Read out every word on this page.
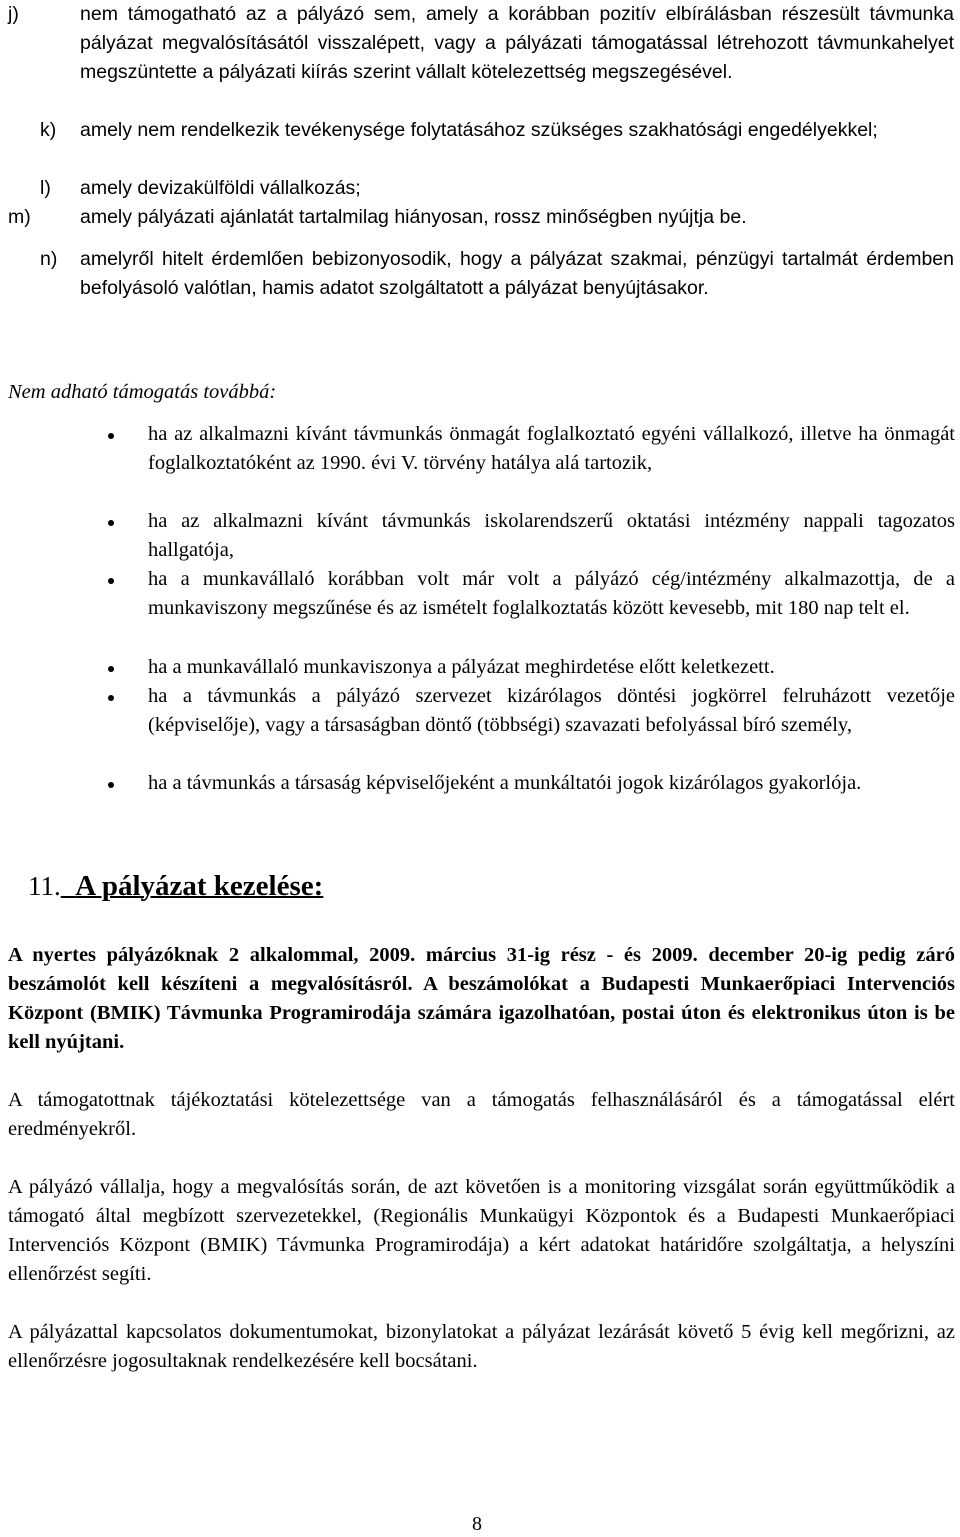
j)	nem támogatható az a pályázó sem, amely a korábban pozitív elbírálásban részesült távmunka pályázat megvalósításától visszalépett, vagy a pályázati támogatással létrehozott távmunkahelyet megszüntette a pályázati kiírás szerint vállalt kötelezettség megszegésével.
k) amely nem rendelkezik tevékenysége folytatásához szükséges szakhatósági engedélyekkel;
l) amely devizakülföldi vállalkozás;
m)	amely pályázati ajánlatát tartalmilag hiányosan, rossz minőségben nyújtja be.
n) amelyről hitelt érdemlően bebizonyosodik, hogy a pályázat szakmai, pénzügyi tartalmát érdemben befolyásoló valótlan, hamis adatot szolgáltatott a pályázat benyújtásakor.
Nem adható támogatás továbbá:
ha az alkalmazni kívánt távmunkás önmagát foglalkoztató egyéni vállalkozó, illetve ha önmagát foglalkoztatóként az 1990. évi V. törvény hatálya alá tartozik,
ha az alkalmazni kívánt távmunkás iskolarendszerű oktatási intézmény nappali tagozatos hallgatója,
ha a munkavállaló korábban volt már volt a pályázó cég/intézmény alkalmazottja, de a munkaviszony megszűnése és az ismételt foglalkoztatás között kevesebb, mit 180 nap telt el.
ha a munkavállaló munkaviszonya a pályázat meghirdetése előtt keletkezett.
ha a távmunkás a pályázó szervezet kizárólagos döntési jogkörrel felruházott vezetője (képviselője), vagy a társaságban döntő (többségi) szavazati befolyással bíró személy,
ha a távmunkás a társaság képviselőjeként a munkáltatói jogok kizárólagos gyakorlója.
11. A pályázat kezelése:
A nyertes pályázóknak 2 alkalommal, 2009. március 31-ig rész - és 2009. december 20-ig pedig záró beszámolót kell készíteni a megvalósításról. A beszámolókat a Budapesti Munkaerőpiaci Intervenciós Központ (BMIK) Távmunka Programirodája számára igazolhatóan, postai úton és elektronikus úton is be kell nyújtani.
A támogatottnak tájékoztatási kötelezettsége van a támogatás felhasználásáról és a támogatással elért eredményekről.
A pályázó vállalja, hogy a megvalósítás során, de azt követően is a monitoring vizsgálat során együttműködik a támogató által megbízott szervezetekkel, (Regionális Munkaügyi Központok és a Budapesti Munkaerőpiaci Intervenciós Központ (BMIK) Távmunka Programirodája) a kért adatokat határidőre szolgáltatja, a helyszíni ellenőrzést segíti.
A pályázattal kapcsolatos dokumentumokat, bizonylatokat a pályázat lezárását követő 5 évig kell megőrizni, az ellenőrzésre jogosultaknak rendelkezésére kell bocsátani.
8
